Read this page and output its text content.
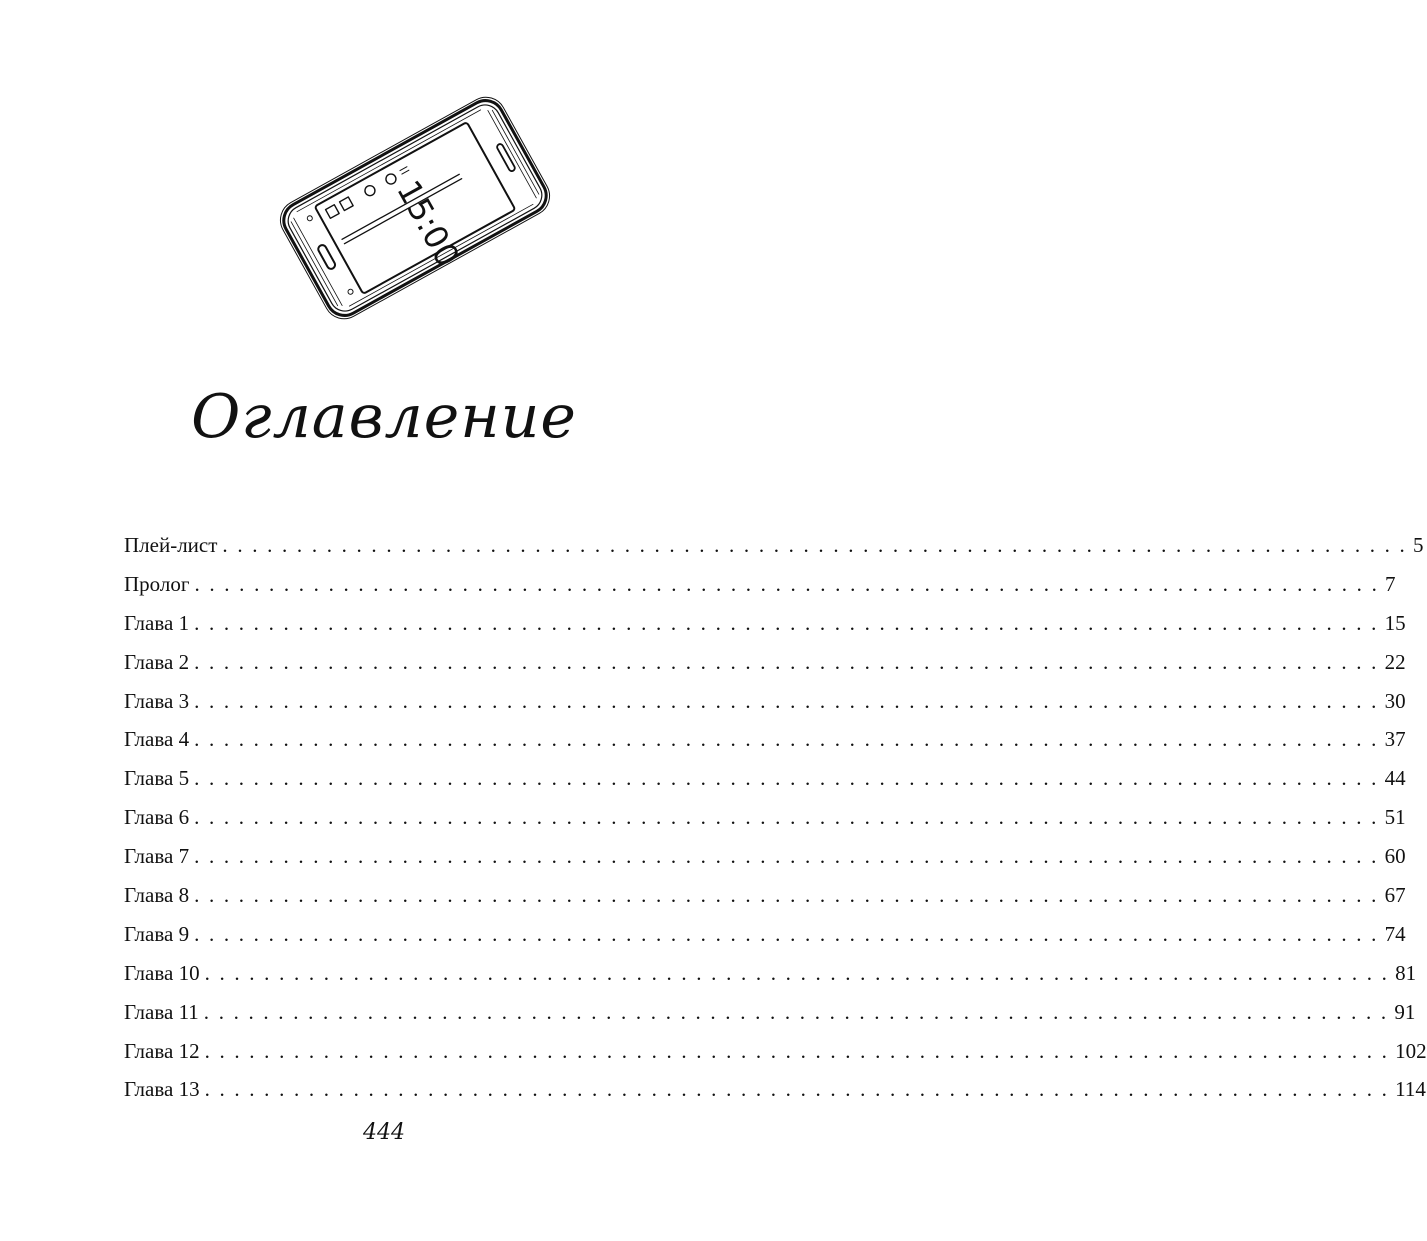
15:00
Оглавление
Плей-лист . . . . . . . . . . . . . . . . . . . . . . . . . . . . . . . . . . . . . . . . . . . . . . . . . . . . . . . . . . . . . . . . . . . . . . . . . . . . . . . . 5
Пролог . . . . . . . . . . . . . . . . . . . . . . . . . . . . . . . . . . . . . . . . . . . . . . . . . . . . . . . . . . . . . . . . . . . . . . . . . . . . . . . . 7
Глава 1 . . . . . . . . . . . . . . . . . . . . . . . . . . . . . . . . . . . . . . . . . . . . . . . . . . . . . . . . . . . . . . . . . . . . . . . . . . . . . . . . 15
Глава 2 . . . . . . . . . . . . . . . . . . . . . . . . . . . . . . . . . . . . . . . . . . . . . . . . . . . . . . . . . . . . . . . . . . . . . . . . . . . . . . . . 22
Глава 3 . . . . . . . . . . . . . . . . . . . . . . . . . . . . . . . . . . . . . . . . . . . . . . . . . . . . . . . . . . . . . . . . . . . . . . . . . . . . . . . . 30
Глава 4 . . . . . . . . . . . . . . . . . . . . . . . . . . . . . . . . . . . . . . . . . . . . . . . . . . . . . . . . . . . . . . . . . . . . . . . . . . . . . . . . 37
Глава 5 . . . . . . . . . . . . . . . . . . . . . . . . . . . . . . . . . . . . . . . . . . . . . . . . . . . . . . . . . . . . . . . . . . . . . . . . . . . . . . . . 44
Глава 6 . . . . . . . . . . . . . . . . . . . . . . . . . . . . . . . . . . . . . . . . . . . . . . . . . . . . . . . . . . . . . . . . . . . . . . . . . . . . . . . . 51
Глава 7 . . . . . . . . . . . . . . . . . . . . . . . . . . . . . . . . . . . . . . . . . . . . . . . . . . . . . . . . . . . . . . . . . . . . . . . . . . . . . . . . 60
Глава 8 . . . . . . . . . . . . . . . . . . . . . . . . . . . . . . . . . . . . . . . . . . . . . . . . . . . . . . . . . . . . . . . . . . . . . . . . . . . . . . . . 67
Глава 9 . . . . . . . . . . . . . . . . . . . . . . . . . . . . . . . . . . . . . . . . . . . . . . . . . . . . . . . . . . . . . . . . . . . . . . . . . . . . . . . . 74
Глава 10 . . . . . . . . . . . . . . . . . . . . . . . . . . . . . . . . . . . . . . . . . . . . . . . . . . . . . . . . . . . . . . . . . . . . . . . . . . . . . . . . 81
Глава 11 . . . . . . . . . . . . . . . . . . . . . . . . . . . . . . . . . . . . . . . . . . . . . . . . . . . . . . . . . . . . . . . . . . . . . . . . . . . . . . . . 91
Глава 12 . . . . . . . . . . . . . . . . . . . . . . . . . . . . . . . . . . . . . . . . . . . . . . . . . . . . . . . . . . . . . . . . . . . . . . . . . . . . . . . . 102
Глава 13 . . . . . . . . . . . . . . . . . . . . . . . . . . . . . . . . . . . . . . . . . . . . . . . . . . . . . . . . . . . . . . . . . . . . . . . . . . . . . . . . 114
444
